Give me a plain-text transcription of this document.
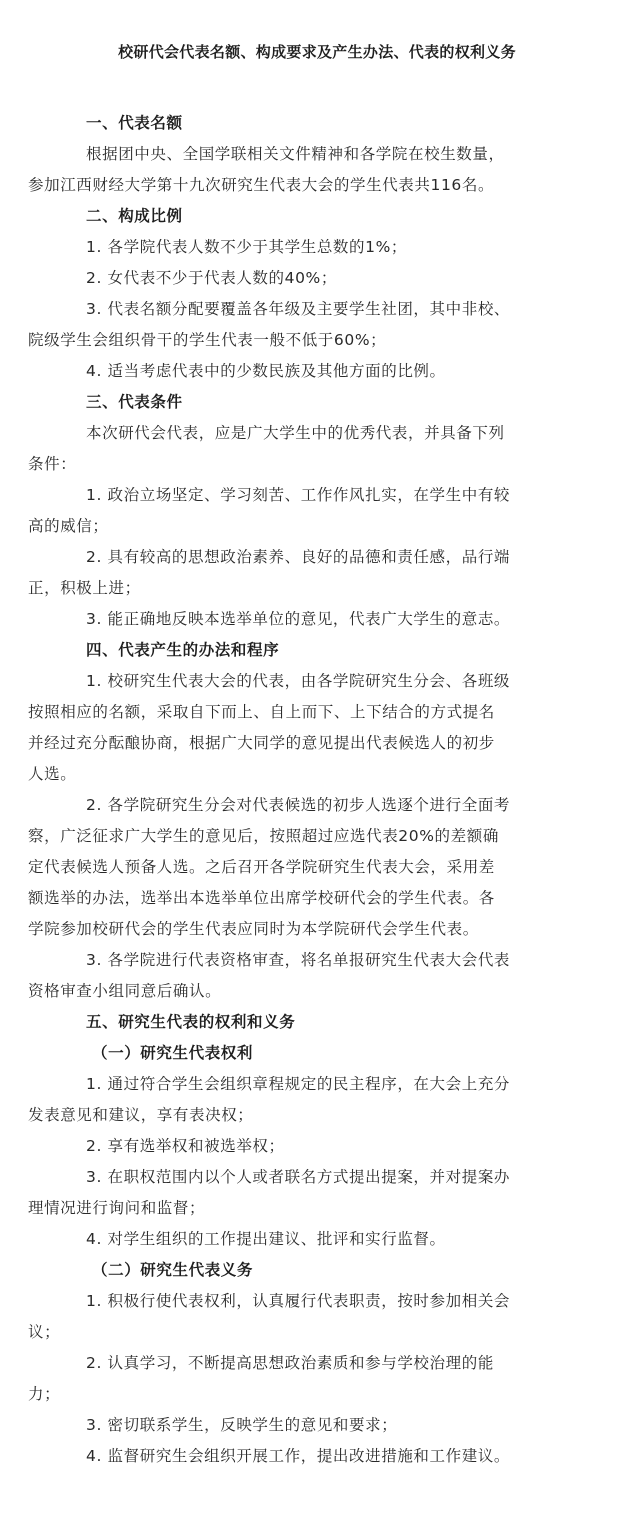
校研代会代表名额、构成要求及产生办法、代表的权利义务
一、代表名额
根据团中央、全国学联相关文件精神和各学院在校生数量，
参加江西财经大学第十九次研究生代表大会的学生代表共116名。
二、构成比例
1. 各学院代表人数不少于其学生总数的1%；
2. 女代表不少于代表人数的40%；
3. 代表名额分配要覆盖各年级及主要学生社团，其中非校、
院级学生会组织骨干的学生代表一般不低于60%；
4. 适当考虑代表中的少数民族及其他方面的比例。
三、代表条件
本次研代会代表，应是广大学生中的优秀代表，并具备下列
条件：
1. 政治立场坚定、学习刻苦、工作作风扎实，在学生中有较
高的威信；
2. 具有较高的思想政治素养、良好的品德和责任感，品行端
正，积极上进；
3. 能正确地反映本选举单位的意见，代表广大学生的意志。
四、代表产生的办法和程序
1. 校研究生代表大会的代表，由各学院研究生分会、各班级
按照相应的名额，采取自下而上、自上而下、上下结合的方式提名
并经过充分酝酿协商，根据广大同学的意见提出代表候选人的初步
人选。
2. 各学院研究生分会对代表候选的初步人选逐个进行全面考
察，广泛征求广大学生的意见后，按照超过应选代表20%的差额确
定代表候选人预备人选。之后召开各学院研究生代表大会，采用差
额选举的办法，选举出本选举单位出席学校研代会的学生代表。各
学院参加校研代会的学生代表应同时为本学院研代会学生代表。
3. 各学院进行代表资格审查，将名单报研究生代表大会代表
资格审查小组同意后确认。
五、研究生代表的权利和义务
（一）研究生代表权利
1. 通过符合学生会组织章程规定的民主程序，在大会上充分
发表意见和建议，享有表决权；
2. 享有选举权和被选举权；
3. 在职权范围内以个人或者联名方式提出提案，并对提案办
理情况进行询问和监督；
4. 对学生组织的工作提出建议、批评和实行监督。
（二）研究生代表义务
1. 积极行使代表权利，认真履行代表职责，按时参加相关会
议；
2. 认真学习，不断提高思想政治素质和参与学校治理的能
力；
3. 密切联系学生，反映学生的意见和要求；
4. 监督研究生会组织开展工作，提出改进措施和工作建议。
